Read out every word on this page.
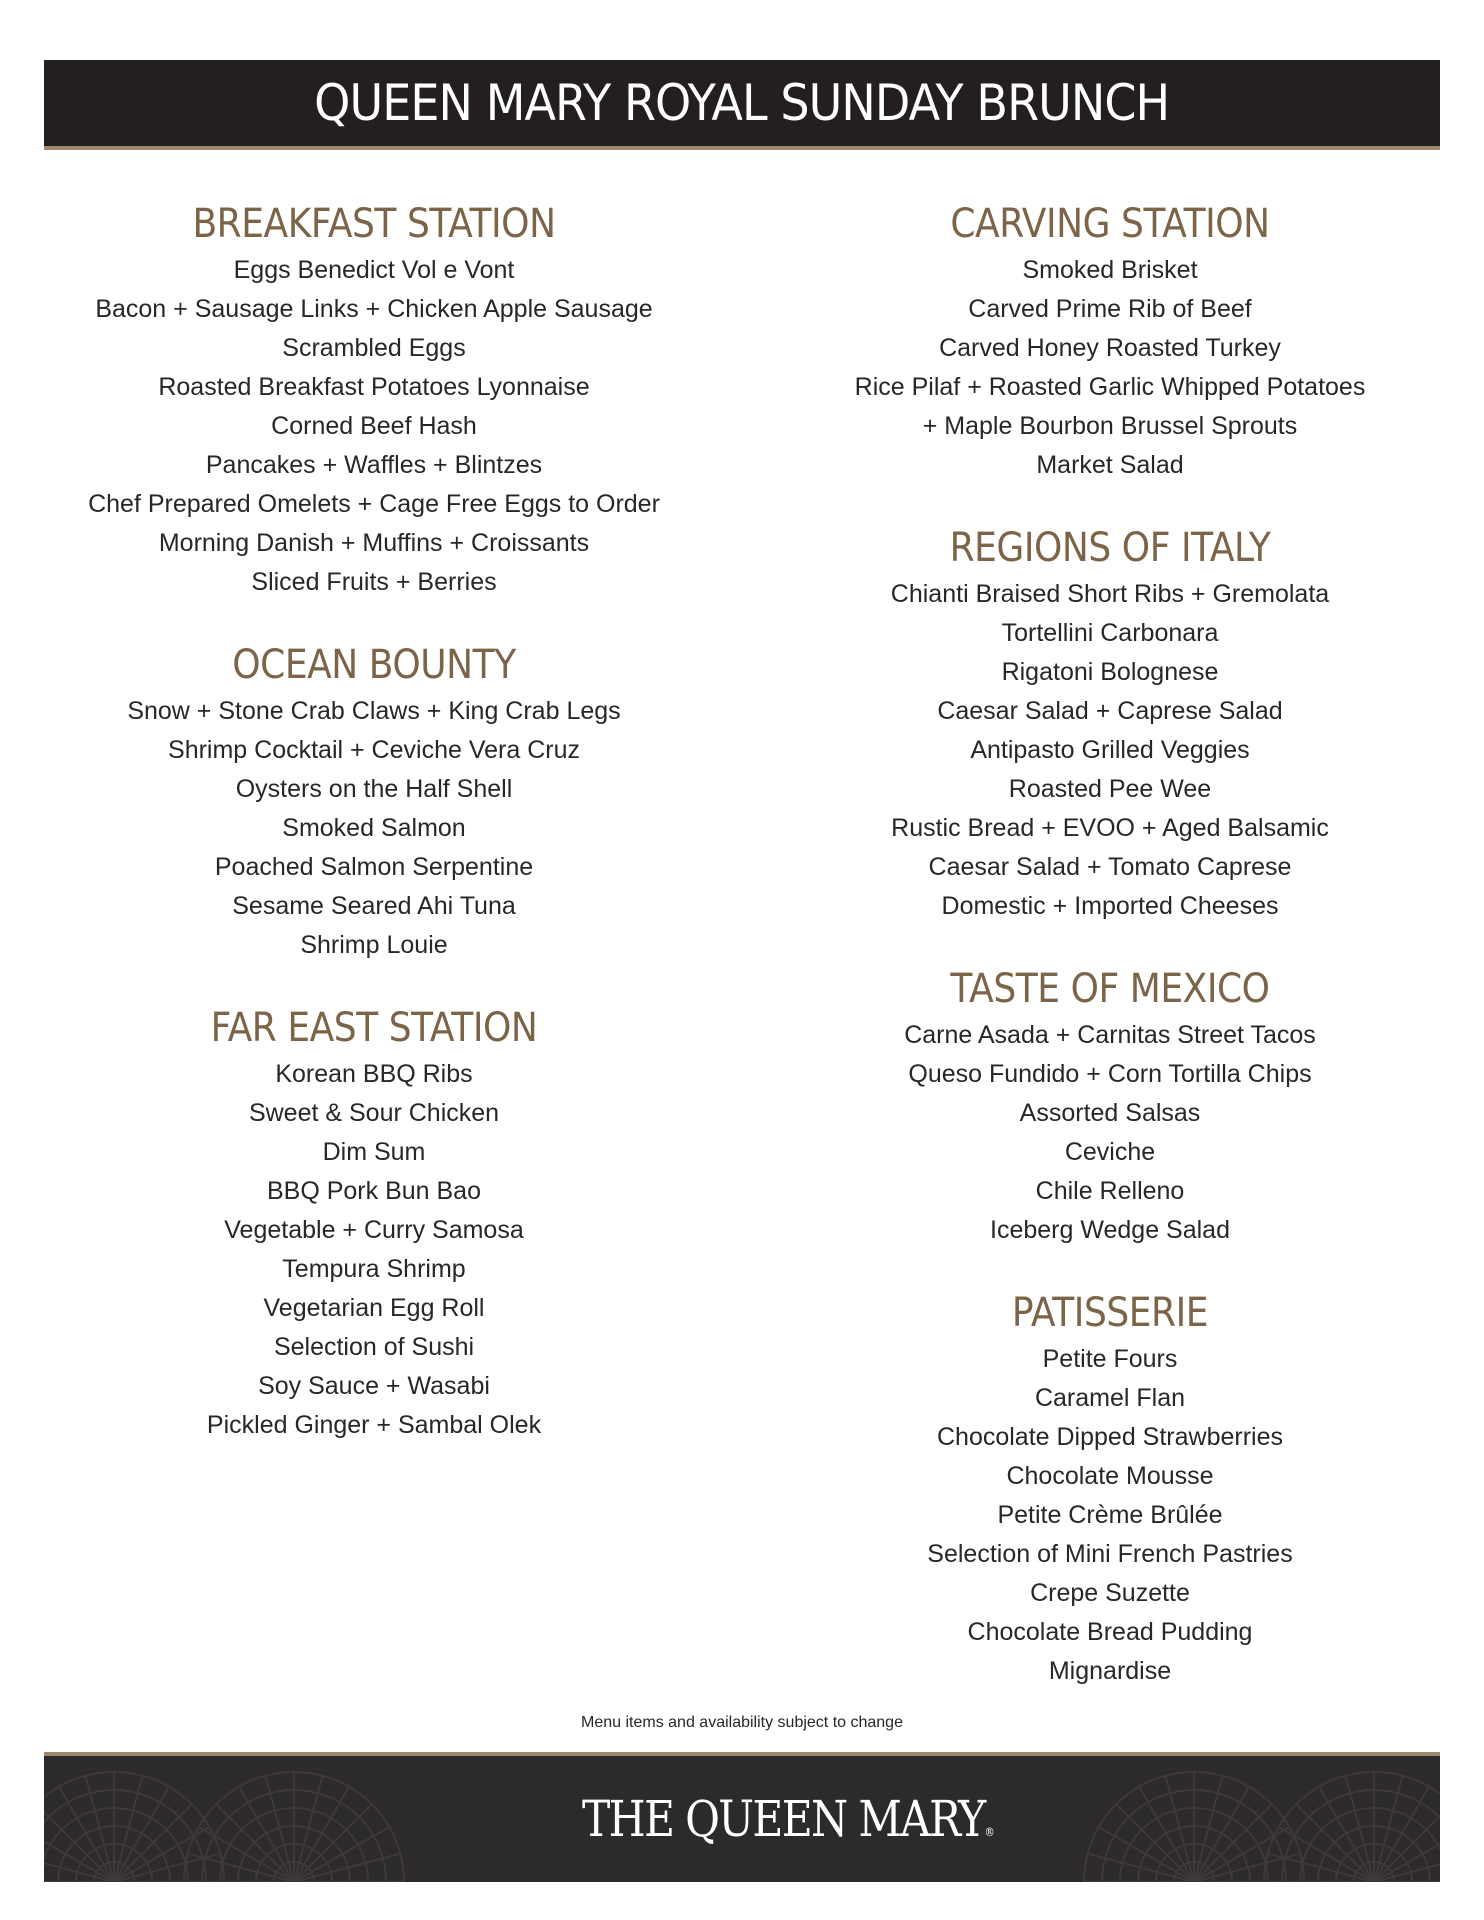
QUEEN MARY ROYAL SUNDAY BRUNCH
BREAKFAST STATION
Eggs Benedict Vol e Vont
Bacon + Sausage Links + Chicken Apple Sausage
Scrambled Eggs
Roasted Breakfast Potatoes Lyonnaise
Corned Beef Hash
Pancakes + Waffles + Blintzes
Chef Prepared Omelets + Cage Free Eggs to Order
Morning Danish + Muffins + Croissants
Sliced Fruits + Berries
OCEAN BOUNTY
Snow + Stone Crab Claws + King Crab Legs
Shrimp Cocktail + Ceviche Vera Cruz
Oysters on the Half Shell
Smoked Salmon
Poached Salmon Serpentine
Sesame Seared Ahi Tuna
Shrimp Louie
FAR EAST STATION
Korean BBQ Ribs
Sweet & Sour Chicken
Dim Sum
BBQ Pork Bun Bao
Vegetable + Curry Samosa
Tempura Shrimp
Vegetarian Egg Roll
Selection of Sushi
Soy Sauce + Wasabi
Pickled Ginger + Sambal Olek
CARVING STATION
Smoked Brisket
Carved Prime Rib of Beef
Carved Honey Roasted Turkey
Rice Pilaf + Roasted Garlic Whipped Potatoes
+ Maple Bourbon Brussel Sprouts
Market Salad
REGIONS OF ITALY
Chianti Braised Short Ribs + Gremolata
Tortellini Carbonara
Rigatoni Bolognese
Caesar Salad + Caprese Salad
Antipasto Grilled Veggies
Roasted Pee Wee
Rustic Bread + EVOO + Aged Balsamic
Caesar Salad + Tomato Caprese
Domestic + Imported Cheeses
TASTE OF MEXICO
Carne Asada + Carnitas Street Tacos
Queso Fundido + Corn Tortilla Chips
Assorted Salsas
Ceviche
Chile Relleno
Iceberg Wedge Salad
PATISSERIE
Petite Fours
Caramel Flan
Chocolate Dipped Strawberries
Chocolate Mousse
Petite Crème Brûlée
Selection of Mini French Pastries
Crepe Suzette
Chocolate Bread Pudding
Mignardise
Menu items and availability subject to change
THE QUEEN MARY®
